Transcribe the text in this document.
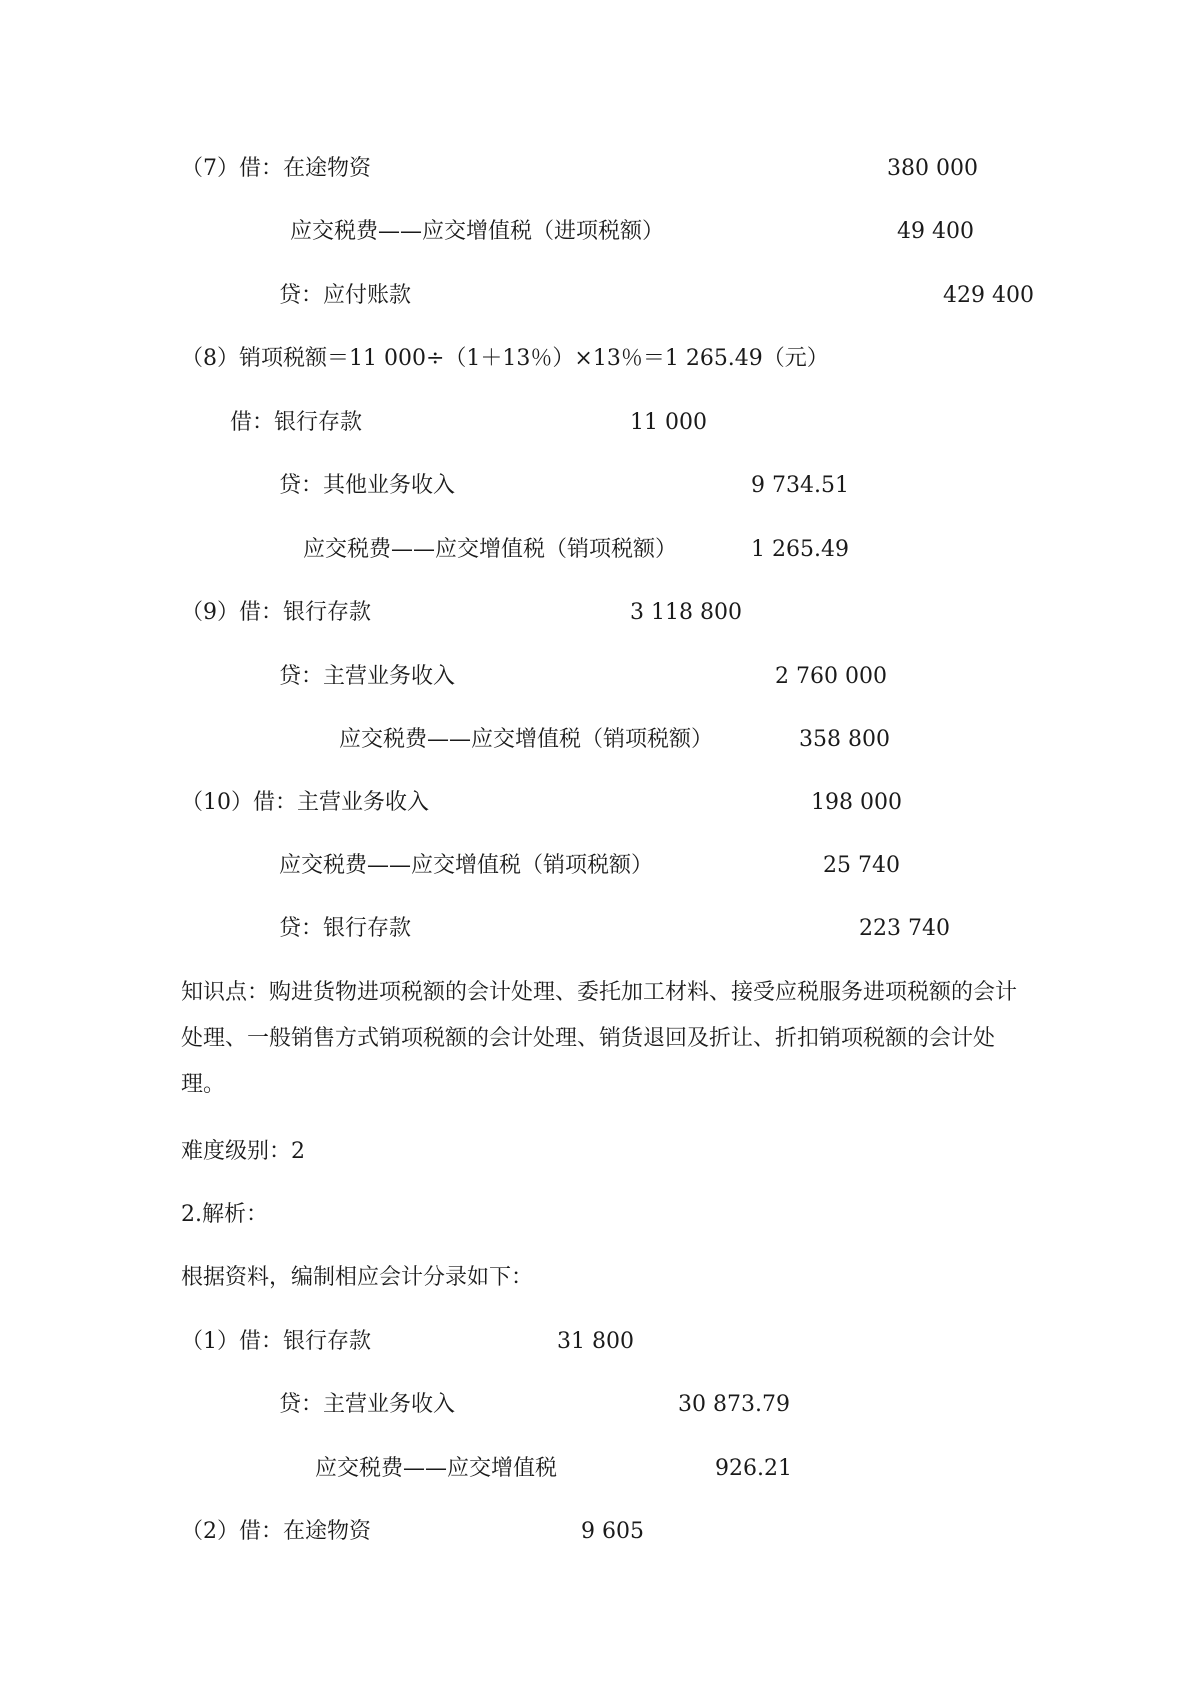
（7）借：在途物资	380 000
应交税费——应交增值税（进项税额）	49 400
贷：应付账款	429 400
（8）销项税额＝11 000÷（1＋13％）×13％＝1 265.49（元）
借：银行存款	11 000
贷：其他业务收入	9 734.51
应交税费——应交增值税（销项税额）	1 265.49
（9）借：银行存款	3 118 800
贷：主营业务收入	2 760 000
应交税费——应交增值税（销项税额）	358 800
（10）借：主营业务收入	198 000
应交税费——应交增值税（销项税额）	25 740
贷：银行存款	223 740
知识点：购进货物进项税额的会计处理、委托加工材料、接受应税服务进项税额的会计处理、一般销售方式销项税额的会计处理、销货退回及折让、折扣销项税额的会计处理。
难度级别：2
2.解析：
根据资料，编制相应会计分录如下：
（1）借：银行存款	31 800
贷：主营业务收入	30 873.79
应交税费——应交增值税	926.21
（2）借：在途物资	9 605
